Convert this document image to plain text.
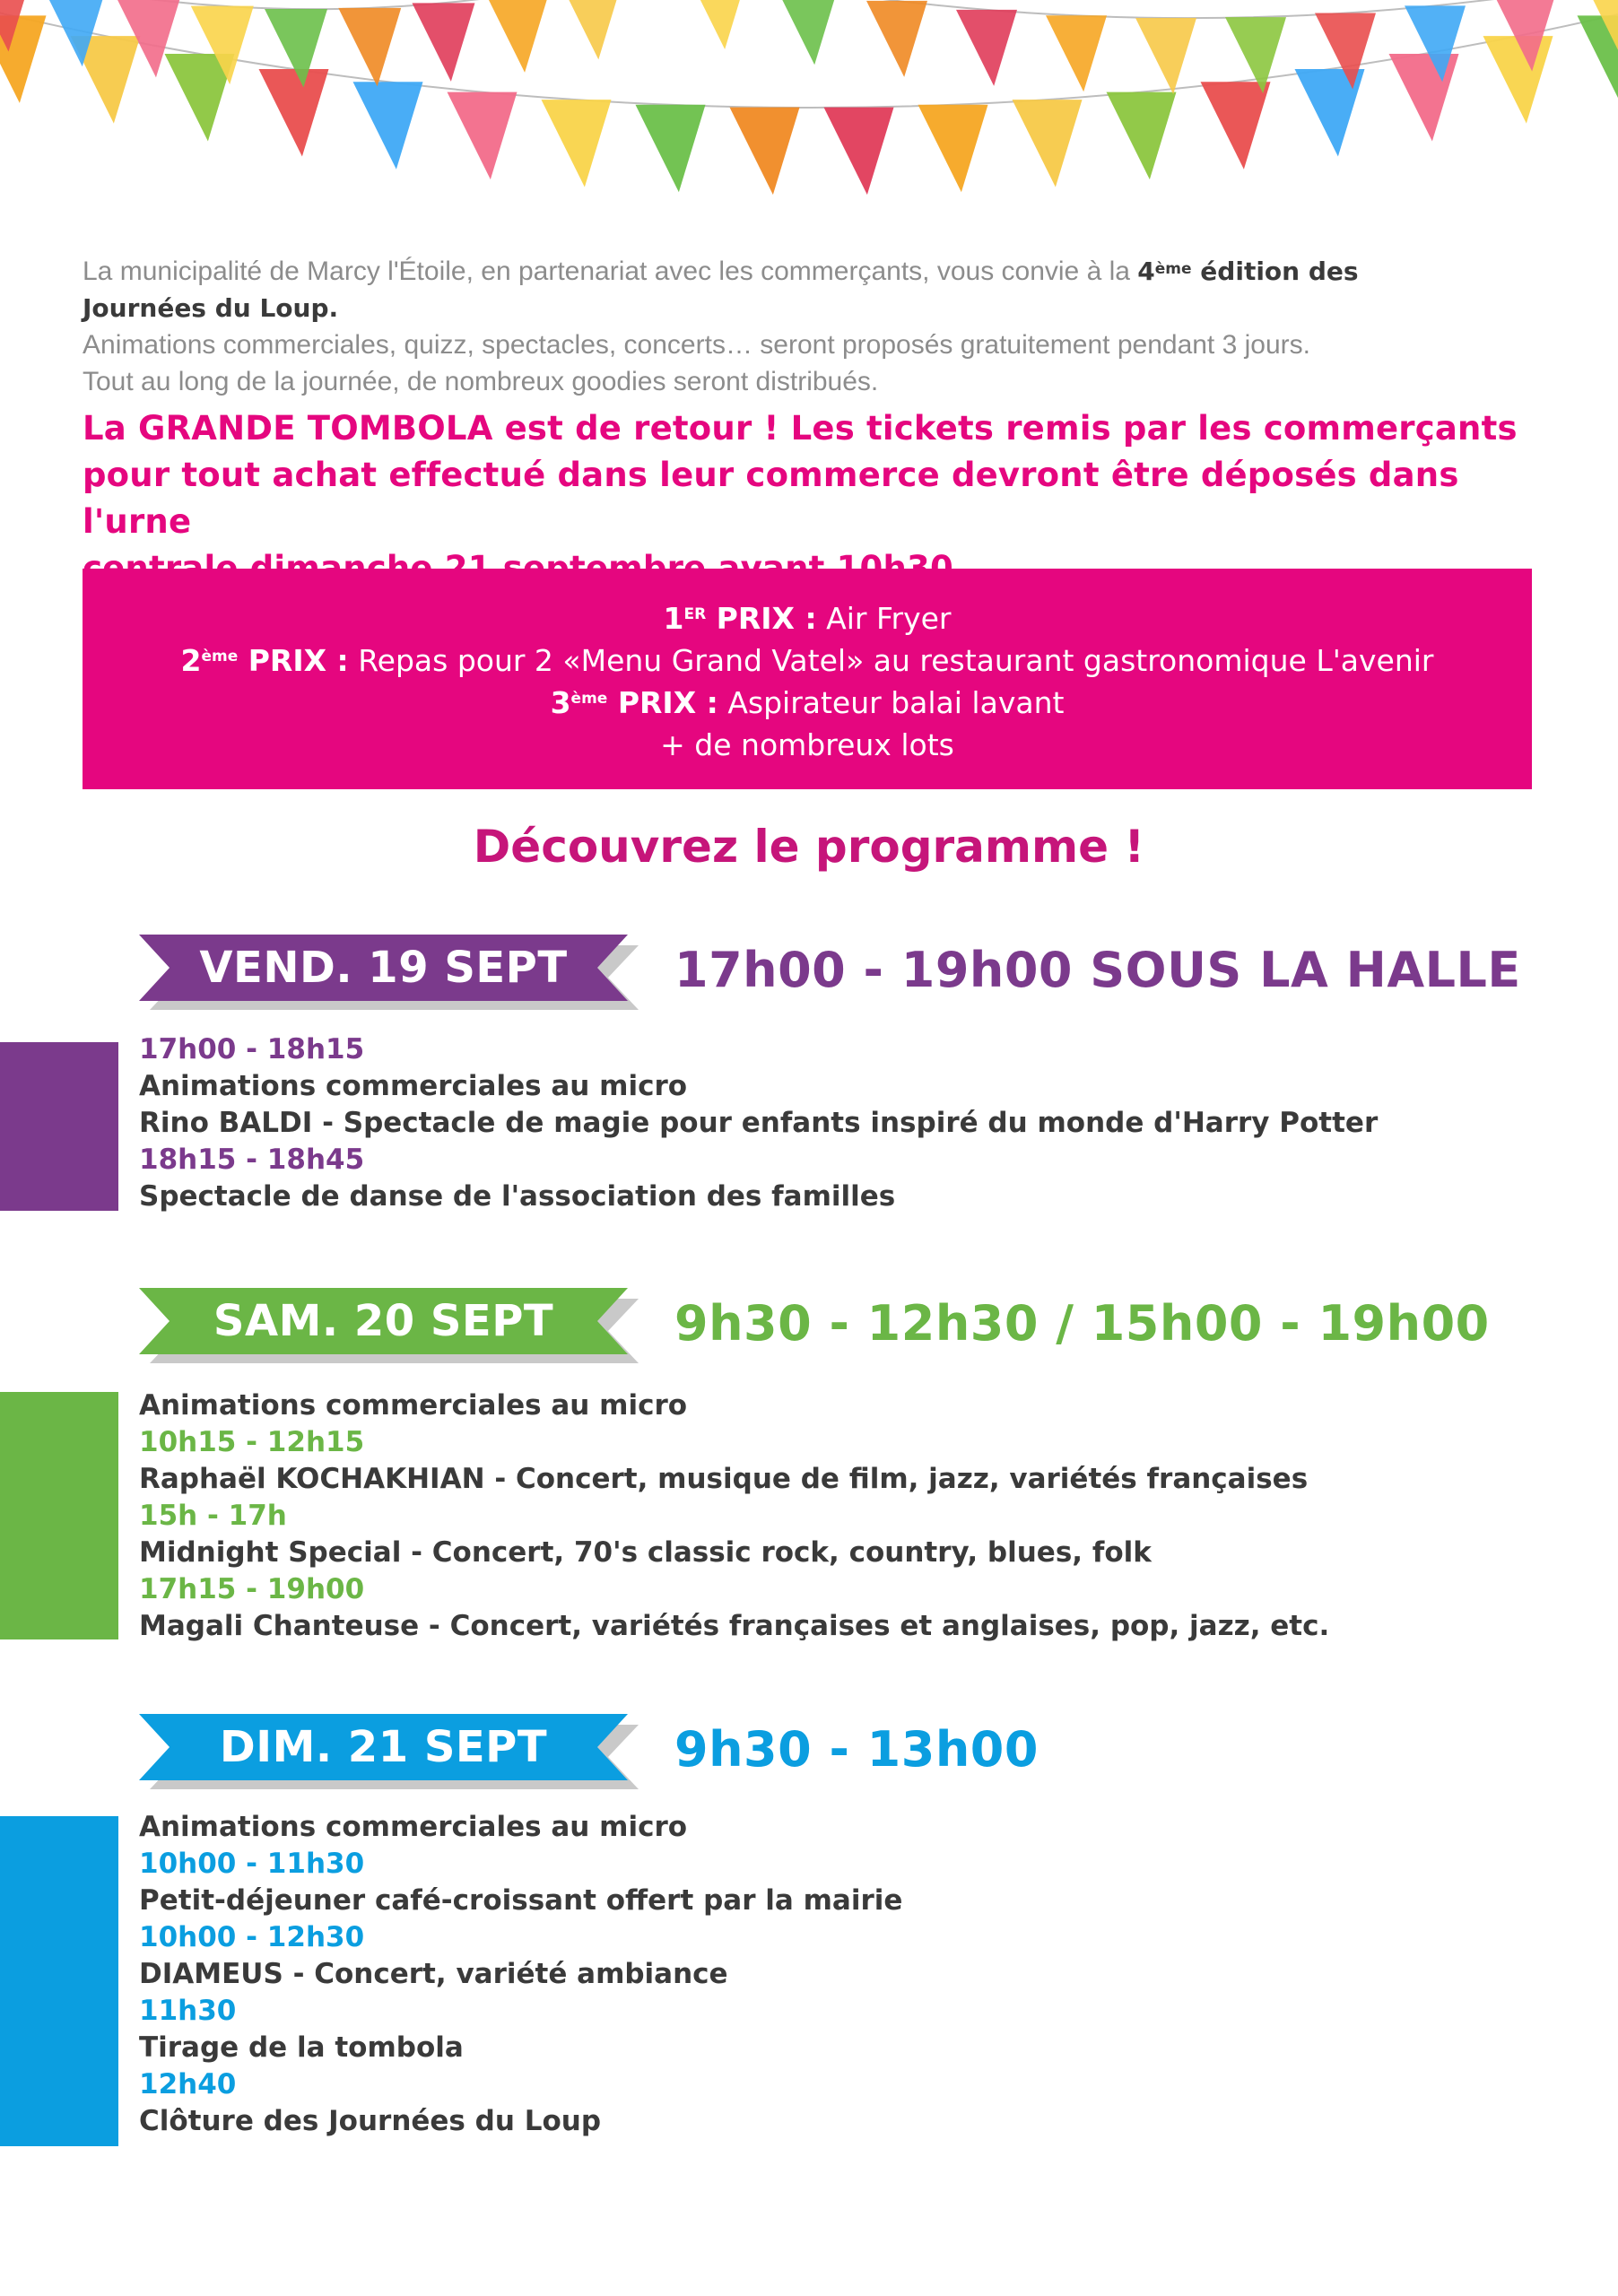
La municipalité de Marcy l'Étoile, en partenariat avec les commerçants, vous convie à la 4ème édition des

Journées du Loup.

Animations commerciales, quizz, spectacles, concerts… seront proposés gratuitement pendant 3 jours.

Tout au long de la journée, de nombreux goodies seront distribués.

La GRANDE TOMBOLA est de retour ! Les tickets remis par les commerçants
pour tout achat effectué dans leur commerce devront être déposés dans l'urne
1ER PRIX : Air Fryer
2ème PRIX : Repas pour 2 «Menu Grand Vatel» au restaurant gastronomique L'avenir
3ème PRIX : Aspirateur balai lavant
+ de nombreux lots
Découvrez le programme !
VEND. 19 SEPT	17h00 - 19h00 SOUS LA HALLE
17h00 - 18h15
Animations commerciales au micro
Rino BALDI - Spectacle de magie pour enfants inspiré du monde d'Harry Potter
18h15 - 18h45
Spectacle de danse de l'association des familles
SAM. 20 SEPT	9h30 - 12h30 / 15h00 - 19h00
Animations commerciales au micro
10h15 - 12h15
Raphaël KOCHAKHIAN - Concert, musique de film, jazz, variétés françaises
15h - 17h
Midnight Special - Concert, 70's classic rock, country, blues, folk
17h15 - 19h00
Magali Chanteuse - Concert, variétés françaises et anglaises, pop, jazz, etc.
DIM. 21 SEPT	9h30 - 13h00
Animations commerciales au micro
10h00 - 11h30
Petit-déjeuner café-croissant offert par la mairie
10h00 - 12h30
DIAMEUS - Concert, variété ambiance
11h30
Tirage de la tombola
12h40
Clôture des Journées du Loup
